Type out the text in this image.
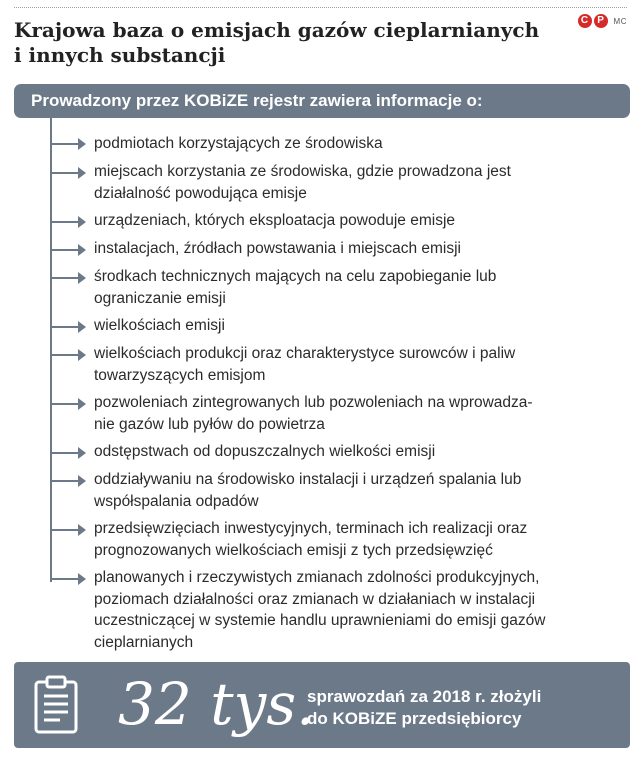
Krajowa baza o emisjach gazów cieplarnianych
i innych substancji
C P	MC
Prowadzony przez KOBiZE rejestr zawiera informacje o:
podmiotach korzystających ze środowiska
miejscach korzystania ze środowiska, gdzie prowadzona jest
działalność powodująca emisje
urządzeniach, których eksploatacja powoduje emisje
instalacjach, źródłach powstawania i miejscach emisji
środkach technicznych mających na celu zapobieganie lub
ograniczanie emisji
wielkościach emisji
wielkościach produkcji oraz charakterystyce surowców i paliw
towarzyszących emisjom
pozwoleniach zintegrowanych lub pozwoleniach na wprowadza-
nie gazów lub pyłów do powietrza
odstępstwach od dopuszczalnych wielkości emisji
oddziaływaniu na środowisko instalacji i urządzeń spalania lub
współspalania odpadów
przedsięwzięciach inwestycyjnych, terminach ich realizacji oraz
prognozowanych wielkościach emisji z tych przedsięwzięć
planowanych i rzeczywistych zmianach zdolności produkcyjnych,
poziomach działalności oraz zmianach w działaniach w instalacji
uczestniczącej w systemie handlu uprawnieniami do emisji gazów
cieplarnianych
32 tys.
sprawozdań za 2018 r. złożyli
do KOBiZE przedsiębiorcy
